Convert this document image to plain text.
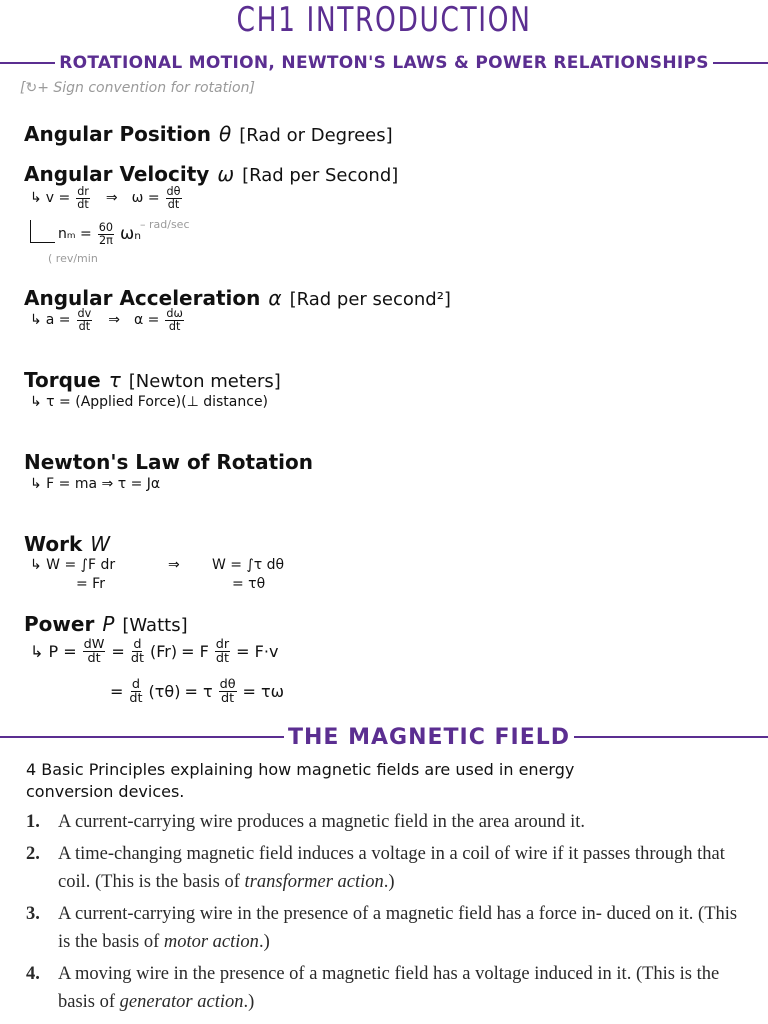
CH1 INTRODUCTION
ROTATIONAL MOTION, NEWTON'S LAWS & POWER RELATIONSHIPS
[↻+ Sign convention for rotation]
Angular Position θ [Rad or Degrees]
Angular Velocity ω [Rad per Second]
↳ $v = \frac{dr}{dt}$ ⇒ $\omega = \frac{d\theta}{dt}$
$n_m = \frac{60}{2\pi}$ ωₙ
– rad/sec
( rev/min
Angular Acceleration α [Rad per second²]
↳ $a = \frac{dv}{dt}$ ⇒ $\alpha = \frac{d\omega}{dt}$
Torque τ [Newton meters]
↳ τ = (Applied Force)(⊥ distance)
Newton's Law of Rotation
↳ F = ma ⇒ τ = Jα
Work W
↳ W = ∫F dr
= Fr
⇒ W = ∫τ dθ
= τθ
Power P [Watts]
↳ $P = \frac{dW}{dt} = \frac{d}{dt} (Fr) = F \frac{dr}{dt} = F\cdot v$
= $\frac{d}{dt} (\tau\theta) = \tau \frac{d\theta}{dt} = \tau\omega$
THE MAGNETIC FIELD
4 Basic Principles explaining how magnetic fields are used in energy
conversion devices.
1. A current-carrying wire produces a magnetic field in the area around it.
2. A time-changing magnetic field induces a voltage in a coil of wire if it passes through that coil. (This is the basis of transformer action.)
3. A current-carrying wire in the presence of a magnetic field has a force in- duced on it. (This is the basis of motor action.)
4. A moving wire in the presence of a magnetic field has a voltage induced in it. (This is the basis of generator action.)
